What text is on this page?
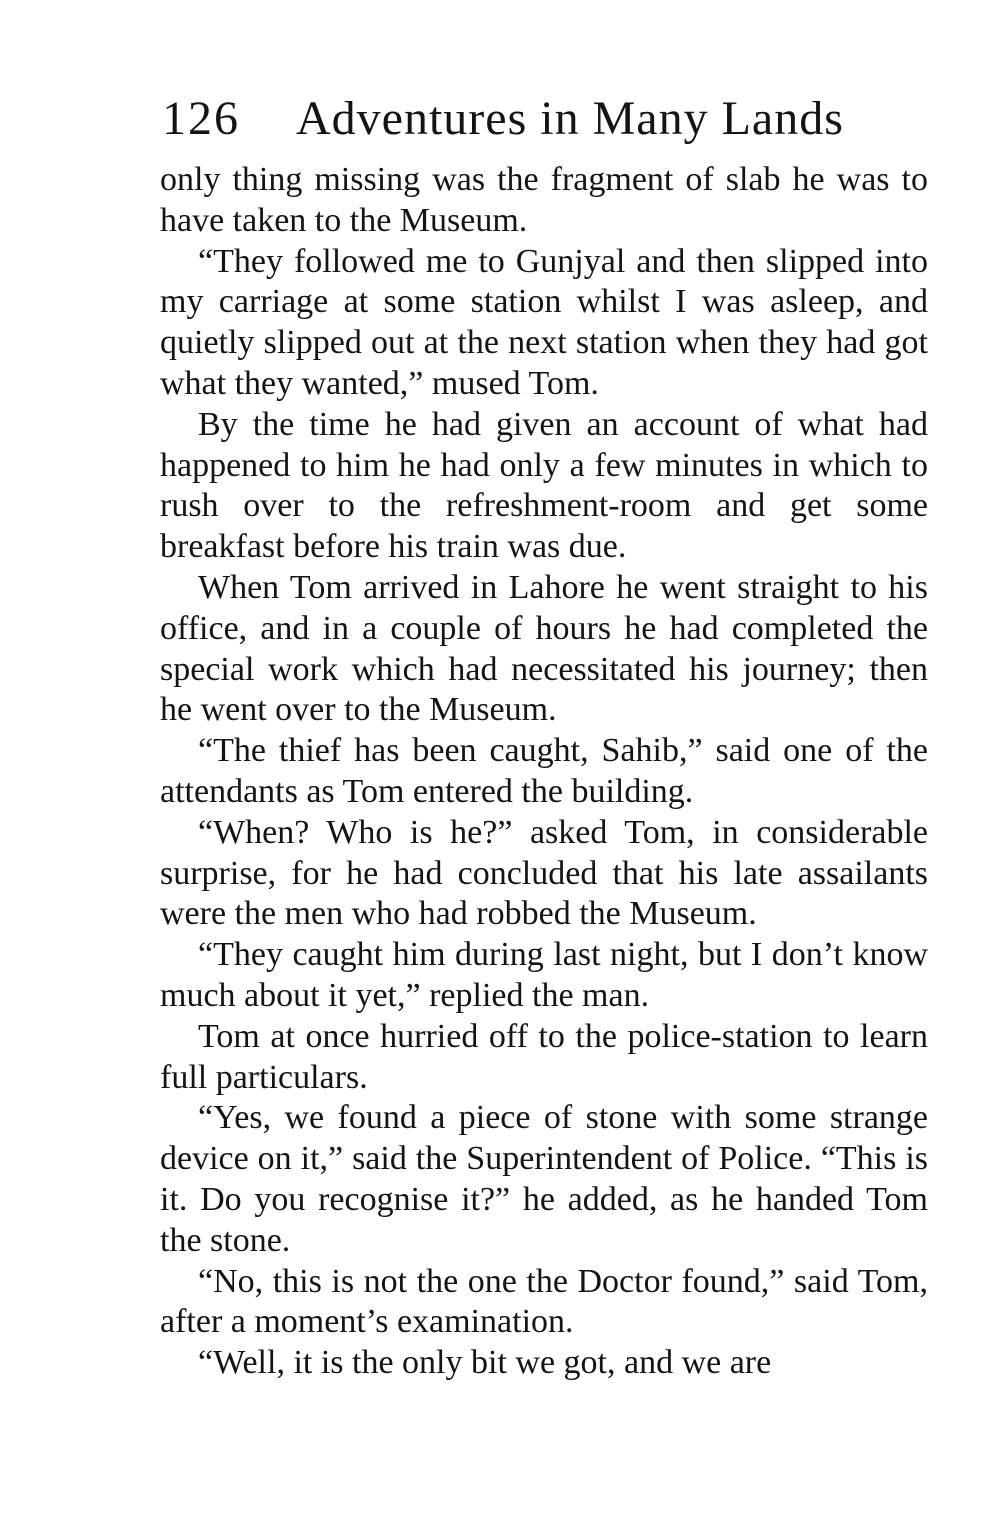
126 Adventures in Many Lands

only thing missing was the fragment of slab he was to have taken to the Museum.

“They followed me to Gunjyal and then slipped into my carriage at some station whilst I was asleep, and quietly slipped out at the next station when they had got what they wanted,” mused Tom.

By the time he had given an account of what had happened to him he had only a few minutes in which to rush over to the refreshment-room and get some breakfast before his train was due.

When Tom arrived in Lahore he went straight to his office, and in a couple of hours he had completed the special work which had necessitated his journey; then he went over to the Museum.

“The thief has been caught, Sahib,” said one of the attendants as Tom entered the building.

“When? Who is he?” asked Tom, in considerable surprise, for he had concluded that his late assailants were the men who had robbed the Museum.

“They caught him during last night, but I don’t know much about it yet,” replied the man.

Tom at once hurried off to the police-station to learn full particulars.

“Yes, we found a piece of stone with some strange device on it,” said the Superintendent of Police. “This is it. Do you recognise it?” he added, as he handed Tom the stone.

“No, this is not the one the Doctor found,” said Tom, after a moment’s examination.

“Well, it is the only bit we got, and we are
